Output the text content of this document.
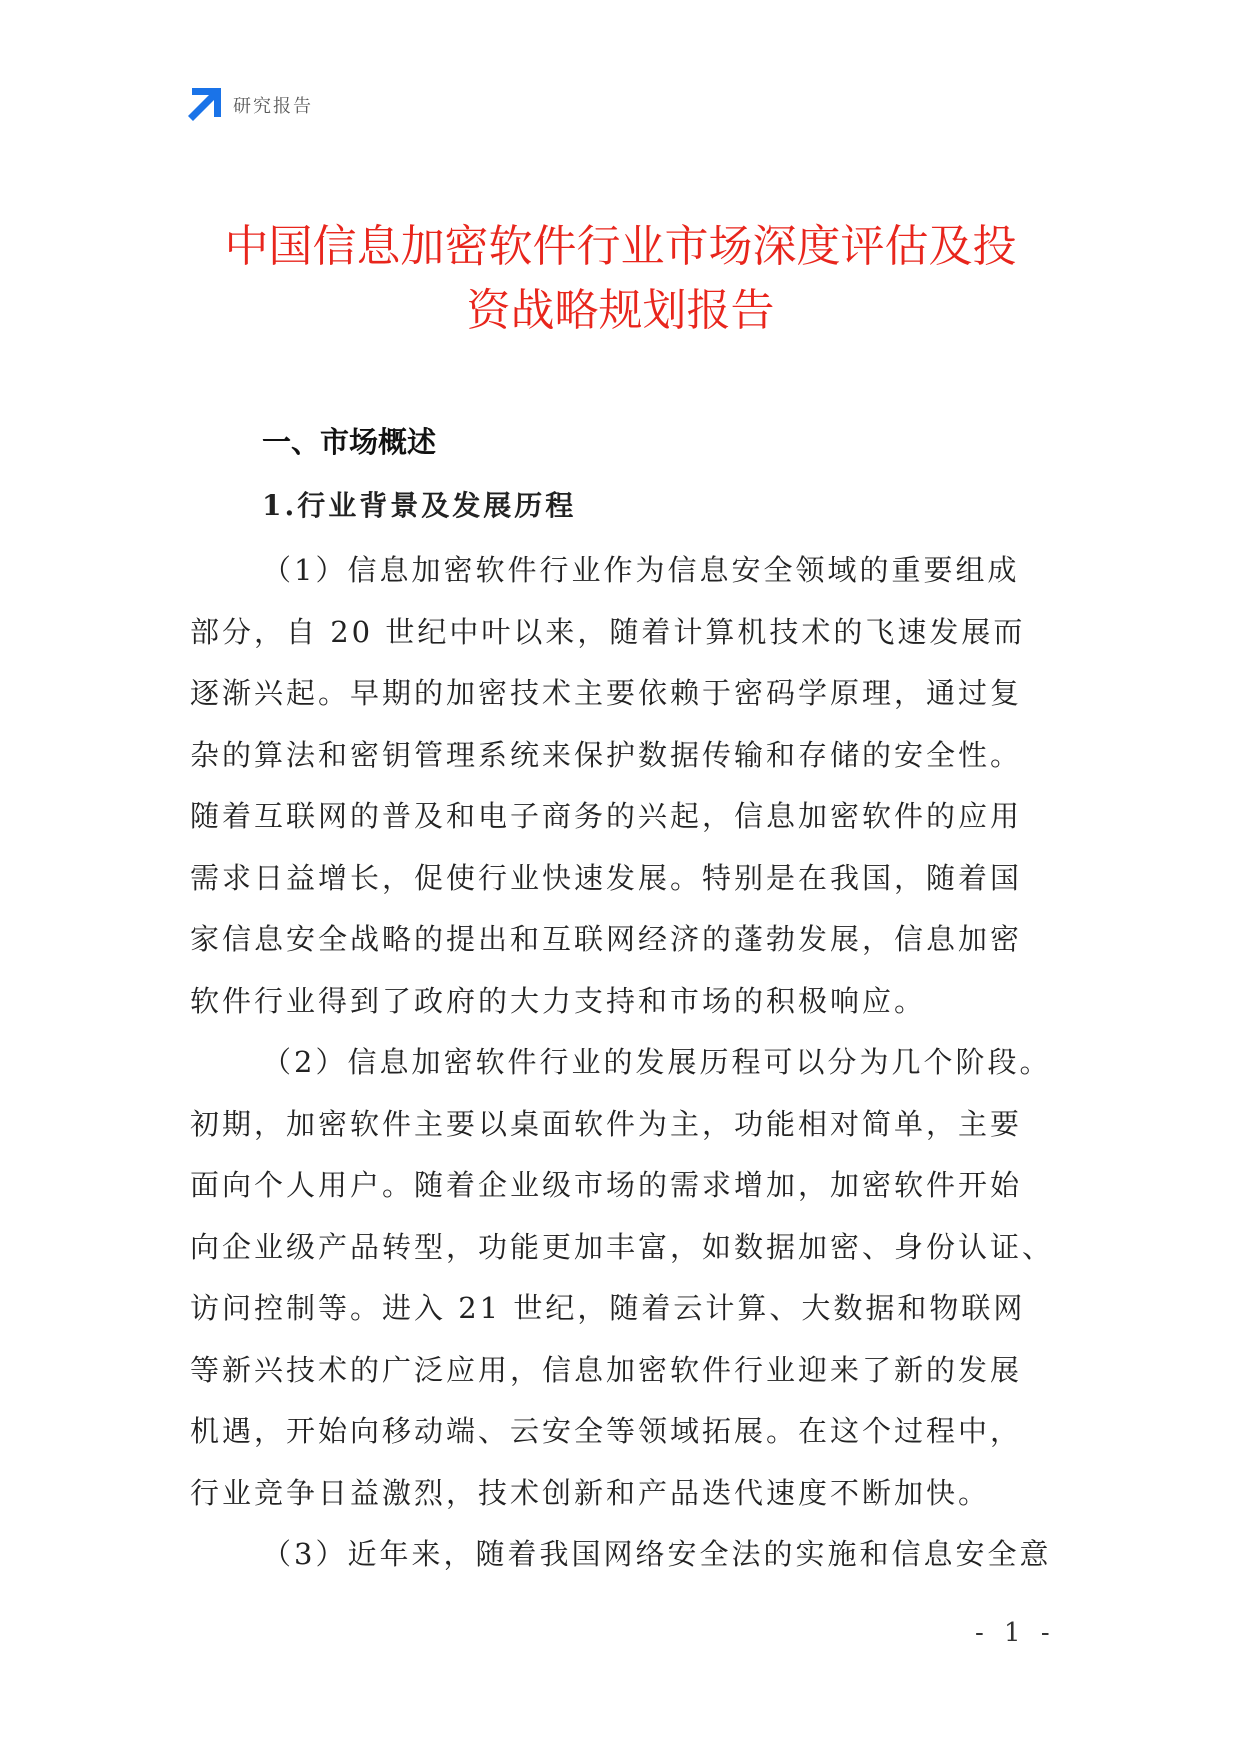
研究报告
中国信息加密软件行业市场深度评估及投
资战略规划报告
一、市场概述
1.行业背景及发展历程
（1）信息加密软件行业作为信息安全领域的重要组成
部分，自 20 世纪中叶以来，随着计算机技术的飞速发展而
逐渐兴起。早期的加密技术主要依赖于密码学原理，通过复
杂的算法和密钥管理系统来保护数据传输和存储的安全性。
随着互联网的普及和电子商务的兴起，信息加密软件的应用
需求日益增长，促使行业快速发展。特别是在我国，随着国
家信息安全战略的提出和互联网经济的蓬勃发展，信息加密
软件行业得到了政府的大力支持和市场的积极响应。
（2）信息加密软件行业的发展历程可以分为几个阶段。
初期，加密软件主要以桌面软件为主，功能相对简单，主要
面向个人用户。随着企业级市场的需求增加，加密软件开始
向企业级产品转型，功能更加丰富，如数据加密、身份认证、
访问控制等。进入 21 世纪，随着云计算、大数据和物联网
等新兴技术的广泛应用，信息加密软件行业迎来了新的发展
机遇，开始向移动端、云安全等领域拓展。在这个过程中，
行业竞争日益激烈，技术创新和产品迭代速度不断加快。
（3）近年来，随着我国网络安全法的实施和信息安全意
- 1 -
